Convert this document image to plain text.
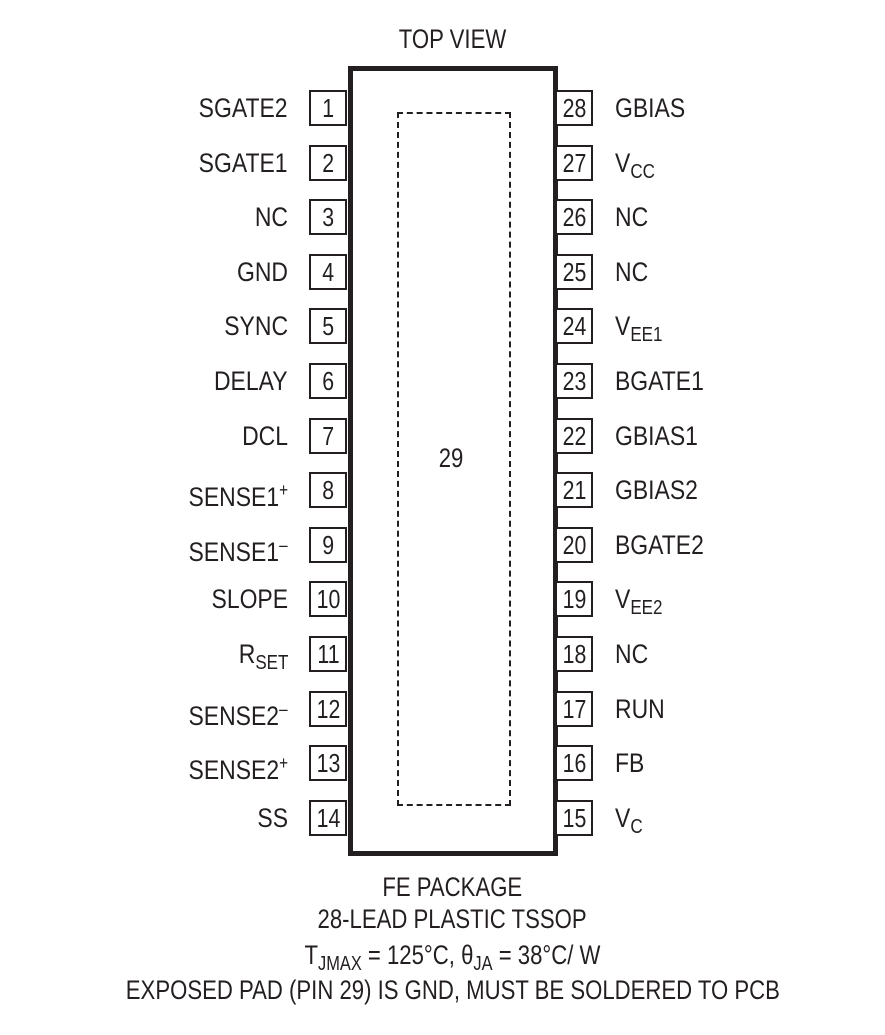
TOP VIEW
29
1
SGATE2
2
SGATE1
3
NC
4
GND
5
SYNC
6
DELAY
7
DCL
8
SENSE1+
9
SENSE1–
10
SLOPE
11
$R_{SET}$
12
SENSE2–
13
SENSE2+
14
SS
28 GBIAS
27 $V_{CC}$
26 NC
25 NC
24 $V_{EE1}$
23 BGATE1
22 GBIAS1
21 GBIAS2
20 BGATE2
19 $V_{EE2}$
18 NC
17 RUN
16 FB
15 $V_C$
FE PACKAGE
28-LEAD PLASTIC TSSOP
$T_{JMAX} = 125^\circ C$, $\theta_{JA} = 38^\circ C/$ W
EXPOSED PAD (PIN 29) IS GND, MUST BE SOLDERED TO PCB
